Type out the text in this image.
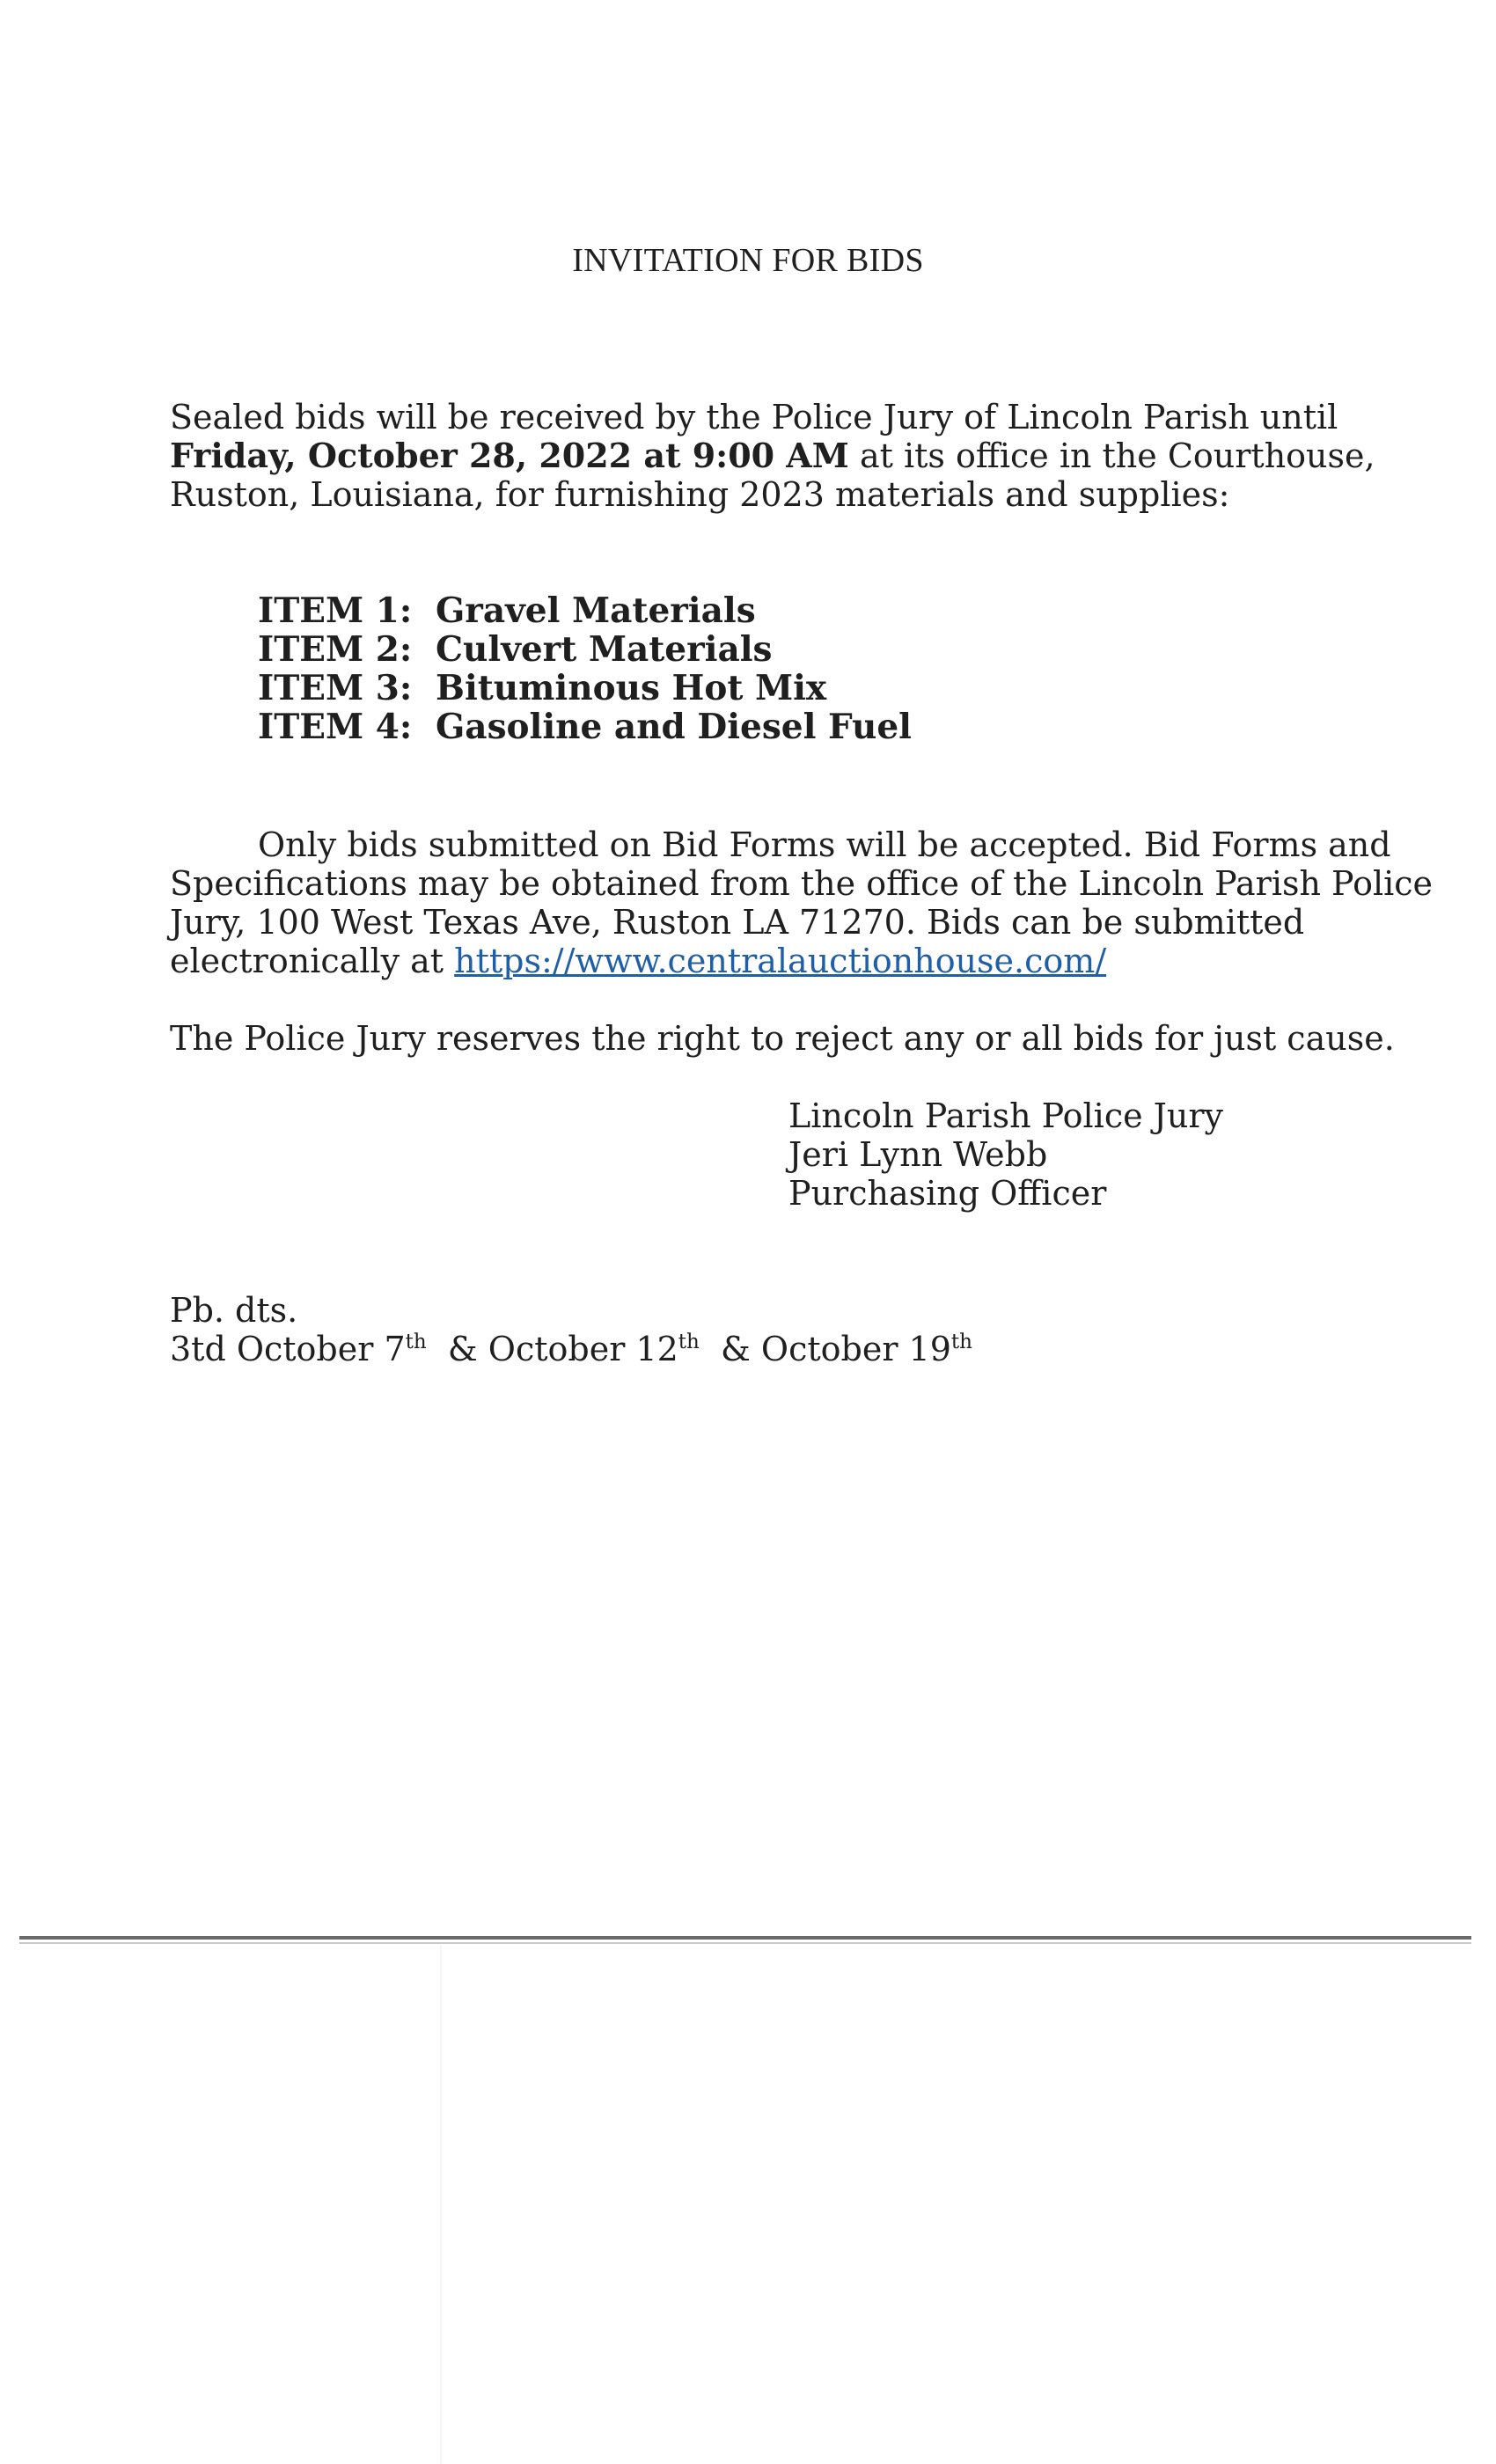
INVITATION FOR BIDS
Sealed bids will be received by the Police Jury of Lincoln Parish until
Friday, October 28, 2022 at 9:00 AM at its office in the Courthouse,
Ruston, Louisiana, for furnishing 2023 materials and supplies:
ITEM 1: Gravel Materials
ITEM 2: Culvert Materials
ITEM 3: Bituminous Hot Mix
ITEM 4: Gasoline and Diesel Fuel
Only bids submitted on Bid Forms will be accepted. Bid Forms and
Specifications may be obtained from the office of the Lincoln Parish Police
Jury, 100 West Texas Ave, Ruston LA 71270. Bids can be submitted
electronically at https://www.centralauctionhouse.com/
The Police Jury reserves the right to reject any or all bids for just cause.
Lincoln Parish Police Jury
Jeri Lynn Webb
Purchasing Officer
Pb. dts.
3td October 7th  & October 12th  & October 19th
